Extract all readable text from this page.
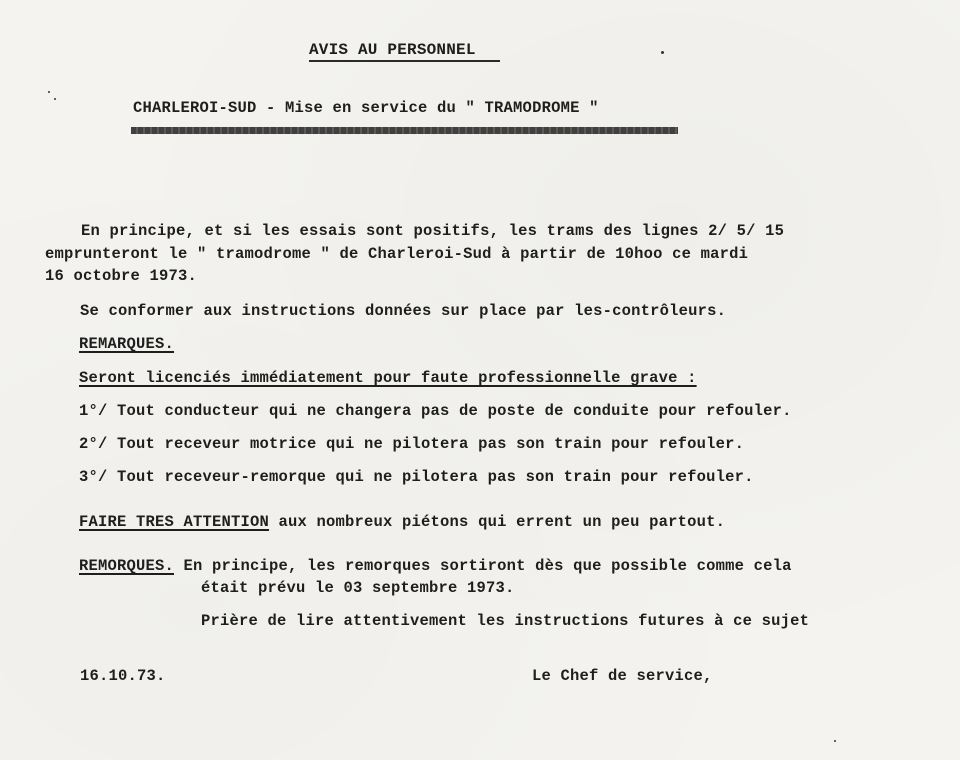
AVIS AU PERSONNEL
CHARLEROI-SUD - Mise en service du " TRAMODROME "
En principe, et si les essais sont positifs, les trams des lignes 2/ 5/ 15
emprunteront le " tramodrome " de Charleroi-Sud à partir de 10hoo ce mardi
16 octobre 1973.
Se conformer aux instructions données sur place par les-contrôleurs.
REMARQUES.
Seront licenciés immédiatement pour faute professionnelle grave :
1°/ Tout conducteur qui ne changera pas de poste de conduite pour refouler.
2°/ Tout receveur motrice qui ne pilotera pas son train pour refouler.
3°/ Tout receveur-remorque qui ne pilotera pas son train pour refouler.
FAIRE TRES ATTENTION aux nombreux piétons qui errent un peu partout.
REMORQUES. En principe, les remorques sortiront dès que possible comme cela
était prévu le 03 septembre 1973.
Prière de lire attentivement les instructions futures à ce sujet
16.10.73.	Le Chef de service,
